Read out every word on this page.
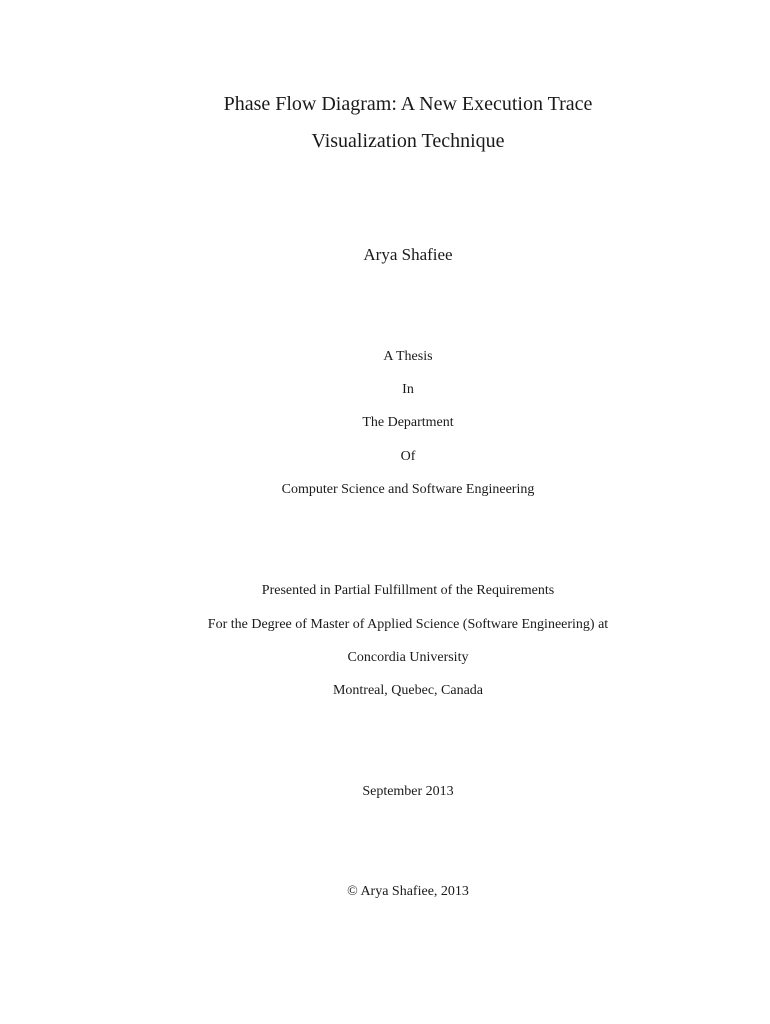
Phase Flow Diagram: A New Execution Trace
Visualization Technique
Arya Shafiee
A Thesis
In
The Department
Of
Computer Science and Software Engineering
Presented in Partial Fulfillment of the Requirements
For the Degree of Master of Applied Science (Software Engineering) at
Concordia University
Montreal, Quebec, Canada
September 2013
© Arya Shafiee, 2013
